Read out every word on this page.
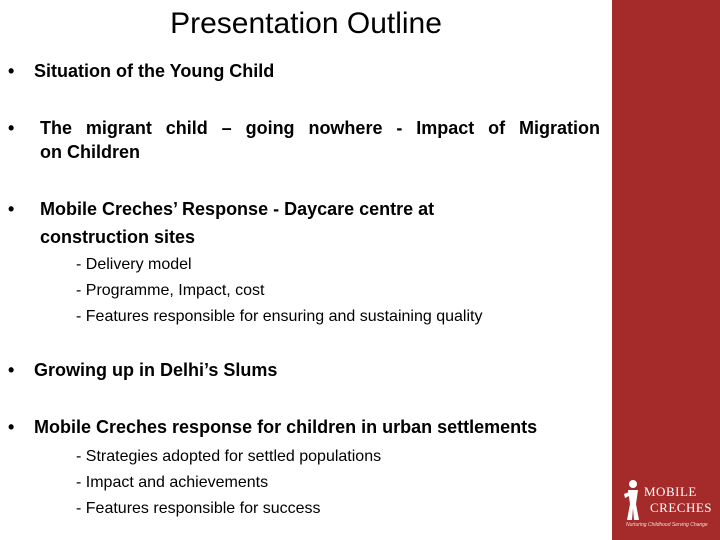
Presentation Outline
• Situation of the Young Child
• The migrant child – going nowhere - Impact of Migration
on Children
• Mobile Creches’ Response - Daycare centre at
construction sites
- Delivery model
- Programme, Impact, cost
- Features responsible for ensuring and sustaining quality
• Growing up in Delhi’s Slums
• Mobile Creches response for children in urban settlements
- Strategies adopted for settled populations
- Impact and achievements
- Features responsible for success
MOBILE
CRECHES
Nurturing Childhood Serving Change
